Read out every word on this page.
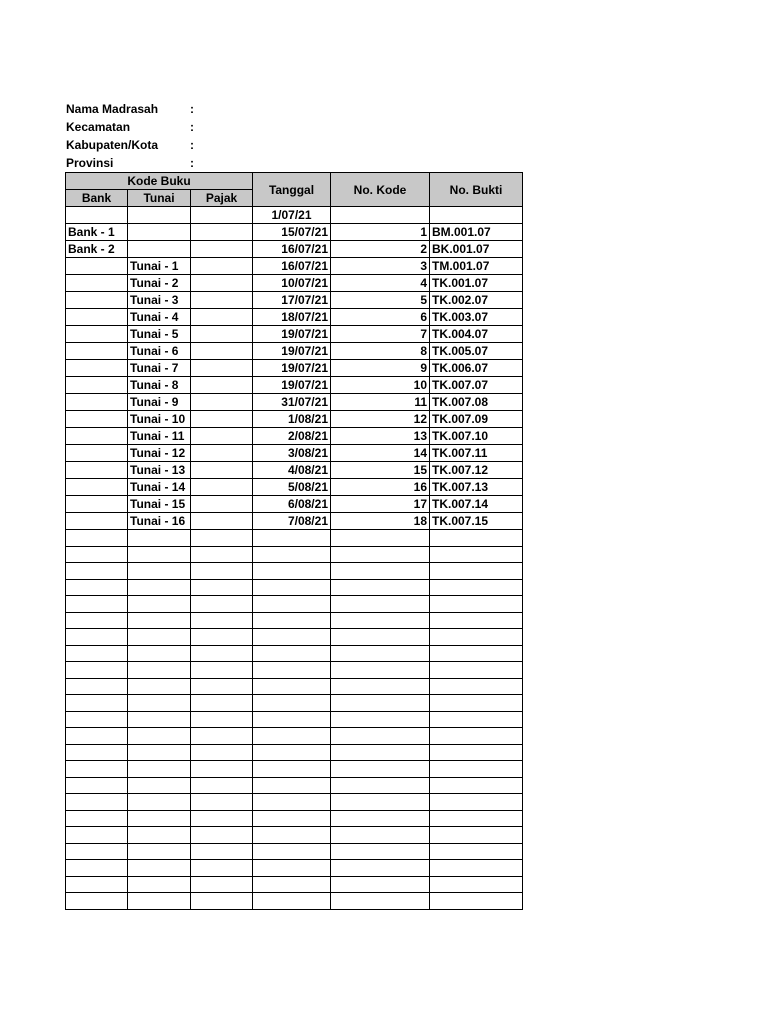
Nama Madrasah	:
Kecamatan	:
Kabupaten/Kota	:
Provinsi	:
Kode Buku			Tanggal	No. Kode	No. Bukti
Bank	Tunai	Pajak			
			1/07/21		
Bank - 1			15/07/21	1	BM.001.07
Bank - 2			16/07/21	2	BK.001.07
	Tunai - 1		16/07/21	3	TM.001.07
	Tunai - 2		10/07/21	4	TK.001.07
	Tunai - 3		17/07/21	5	TK.002.07
	Tunai - 4		18/07/21	6	TK.003.07
	Tunai - 5		19/07/21	7	TK.004.07
	Tunai - 6		19/07/21	8	TK.005.07
	Tunai - 7		19/07/21	9	TK.006.07
	Tunai - 8		19/07/21	10	TK.007.07
	Tunai - 9		31/07/21	11	TK.007.08
	Tunai - 10		1/08/21	12	TK.007.09
	Tunai - 11		2/08/21	13	TK.007.10
	Tunai - 12		3/08/21	14	TK.007.11
	Tunai - 13		4/08/21	15	TK.007.12
	Tunai - 14		5/08/21	16	TK.007.13
	Tunai - 15		6/08/21	17	TK.007.14
	Tunai - 16		7/08/21	18	TK.007.15
